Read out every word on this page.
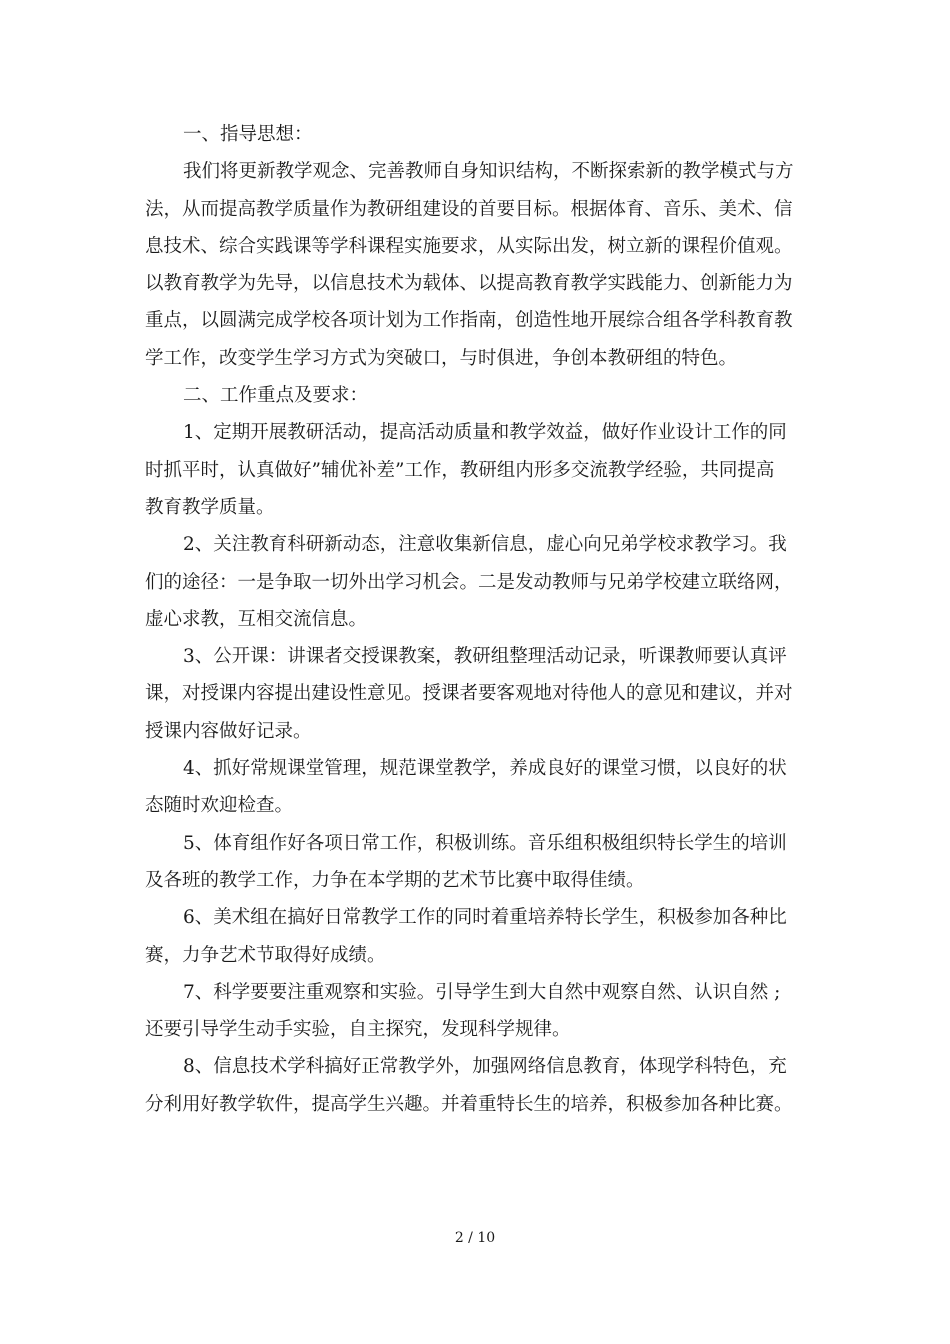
一、指导思想：
我们将更新教学观念、完善教师自身知识结构，不断探索新的教学模式与方
法，从而提高教学质量作为教研组建设的首要目标。根据体育、音乐、美术、信
息技术、综合实践课等学科课程实施要求，从实际出发，树立新的课程价值观。
以教育教学为先导，以信息技术为载体、以提高教育教学实践能力、创新能力为
重点，以圆满完成学校各项计划为工作指南，创造性地开展综合组各学科教育教
学工作，改变学生学习方式为突破口，与时俱进，争创本教研组的特色。
二、工作重点及要求：
1、定期开展教研活动，提高活动质量和教学效益，做好作业设计工作的同
时抓平时，认真做好”辅优补差”工作，教研组内形多交流教学经验，共同提高
教育教学质量。
2、关注教育科研新动态，注意收集新信息，虚心向兄弟学校求教学习。我
们的途径：一是争取一切外出学习机会。二是发动教师与兄弟学校建立联络网，
虚心求教，互相交流信息。
3、公开课：讲课者交授课教案，教研组整理活动记录，听课教师要认真评
课，对授课内容提出建设性意见。授课者要客观地对待他人的意见和建议，并对
授课内容做好记录。
4、抓好常规课堂管理，规范课堂教学，养成良好的课堂习惯，以良好的状
态随时欢迎检查。
5、体育组作好各项日常工作，积极训练。音乐组积极组织特长学生的培训
及各班的教学工作，力争在本学期的艺术节比赛中取得佳绩。
6、美术组在搞好日常教学工作的同时着重培养特长学生，积极参加各种比
赛，力争艺术节取得好成绩。
7、科学要要注重观察和实验。引导学生到大自然中观察自然、认识自然 ;
还要引导学生动手实验，自主探究，发现科学规律。
8、信息技术学科搞好正常教学外，加强网络信息教育，体现学科特色，充
分利用好教学软件，提高学生兴趣。并着重特长生的培养，积极参加各种比赛。
2 / 10
